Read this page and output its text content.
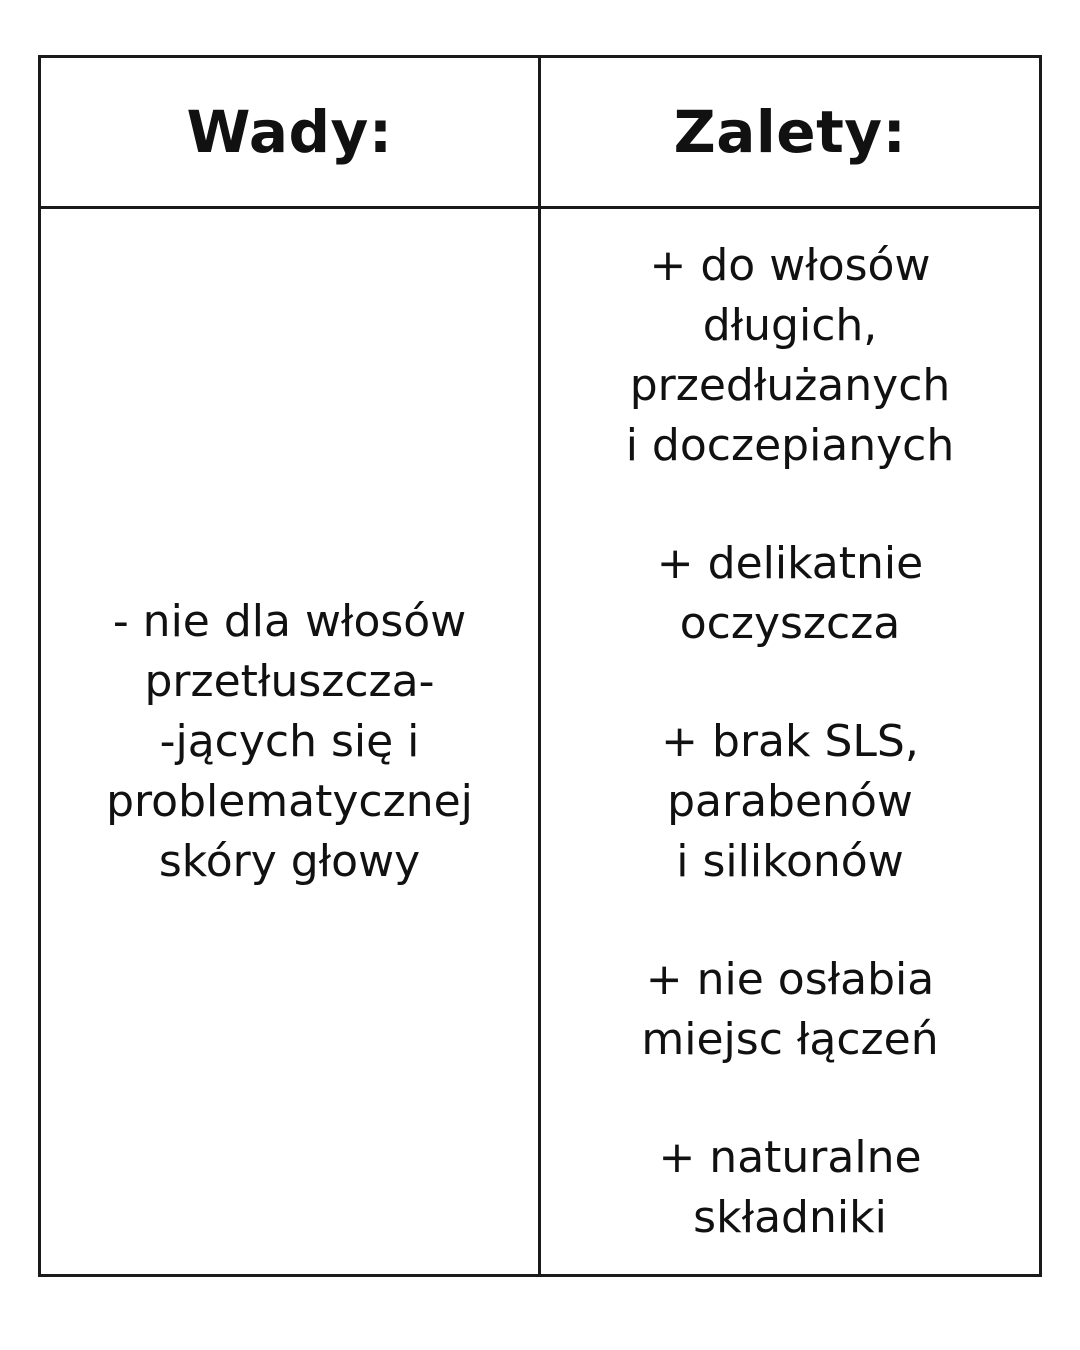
Wady:	Zalety:
- nie dla włosów
przetłuszcza-
-jących się i
problematycznej
skóry głowy
+ do włosów
długich,
przedłużanych
i doczepianych
+ delikatnie
oczyszcza
+ brak SLS,
parabenów
i silikonów
+ nie osłabia
miejsc łączeń
+ naturalne
składniki
